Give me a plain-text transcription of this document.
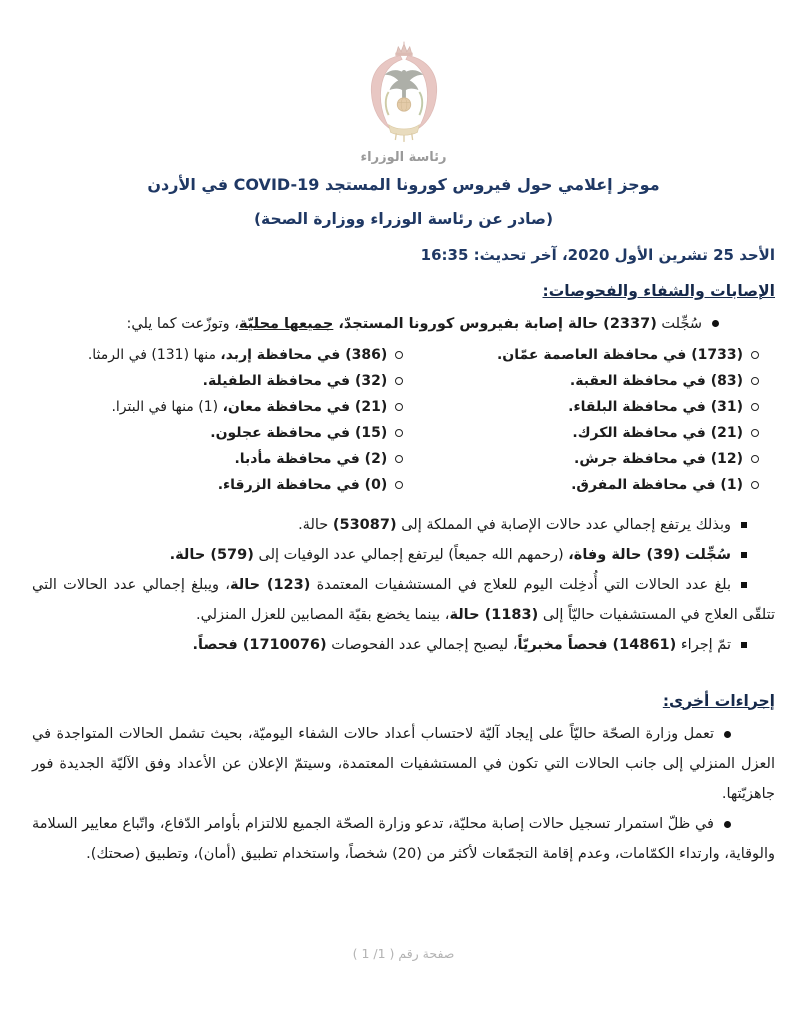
رئاسة الوزراء
موجز إعلامي حول فيروس كورونا المستجد COVID-19 في الأردن
(صادر عن رئاسة الوزراء ووزارة الصحة)
الأحد 25 تشرين الأول 2020، آخر تحديث: 16:35
الإصابات والشفاء والفحوصات:
سُجِّلت (2337) حالة إصابة بفيروس كورونا المستجدّ، جميعها محليّة، وتوزّعت كما يلي:
(1733) في محافظة العاصمة عمّان.
(83) في محافظة العقبة.
(31) في محافظة البلقاء.
(21) في محافظة الكرك.
(12) في محافظة جرش.
(1) في محافظة المفرق.
(386) في محافظة إربد، منها (131) في الرمثا.
(32) في محافظة الطفيلة.
(21) في محافظة معان، (1) منها في البترا.
(15) في محافظة عجلون.
(2) في محافظة مأدبا.
(0) في محافظة الزرقاء.
وبذلك يرتفع إجمالي عدد حالات الإصابة في المملكة إلى (53087) حالة.
سُجِّلت (39) حالة وفاة، (رحمهم الله جميعاً) ليرتفع إجمالي عدد الوفيات إلى (579) حالة.
بلغ عدد الحالات التي أُدخِلت اليوم للعلاج في المستشفيات المعتمدة (123) حالة، ويبلغ إجمالي عدد الحالات التي تتلقّى العلاج في المستشفيات حاليّاً إلى (1183) حالة، بينما يخضع بقيّة المصابين للعزل المنزلي.
تمّ إجراء (14861) فحصاً مخبريّاً، ليصبح إجمالي عدد الفحوصات (1710076) فحصاً.
إجراءات أخرى:
تعمل وزارة الصحّة حاليّاً على إيجاد آليّة لاحتساب أعداد حالات الشفاء اليوميّة، بحيث تشمل الحالات المتواجدة في العزل المنزلي إلى جانب الحالات التي تكون في المستشفيات المعتمدة، وسيتمّ الإعلان عن الأعداد وفق الآليّة الجديدة فور جاهزيّتها.
في ظلّ استمرار تسجيل حالات إصابة محليّة، تدعو وزارة الصحّة الجميع للالتزام بأوامر الدّفاع، واتّباع معايير السلامة والوقاية، وارتداء الكمّامات، وعدم إقامة التجمّعات لأكثر من (20) شخصاً، واستخدام تطبيق (أمان)، وتطبيق (صحتك).
صفحة رقم ( 1/ 1 )
